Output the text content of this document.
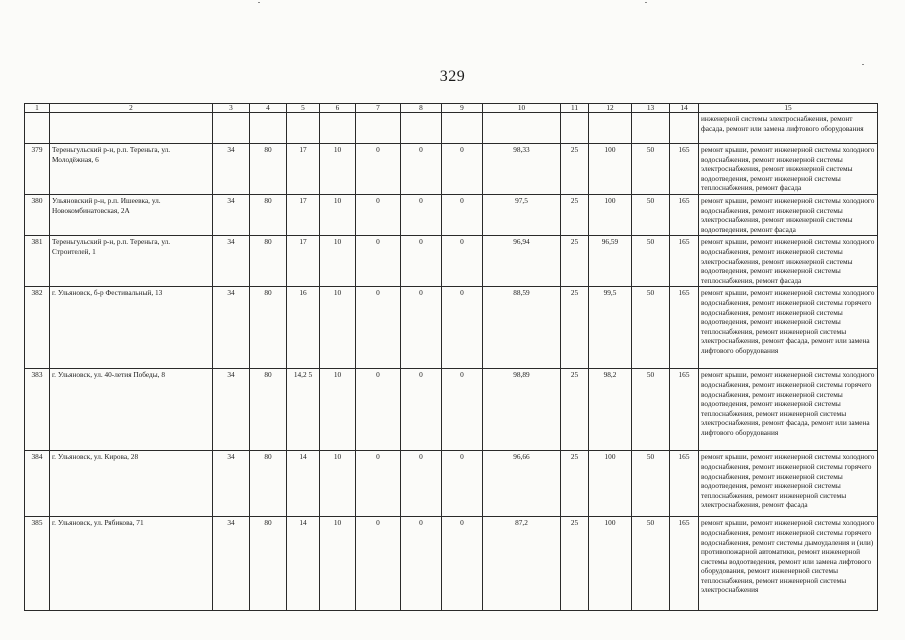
329
1	2	3	4	5	6	7	8	9	10	11	12	13	14	15
														инженерной системы электроснабжения, ремонт фасада, ремонт или замена лифтового оборудования
379	Тереньгульский р-н, р.п. Тереньга, ул. Молодёжная, 6	34	80	17	10	0	0	0	98,33	25	100	50	165	ремонт крыши, ремонт инженерной системы холодного водоснабжения, ремонт инженерной системы электроснабжения, ремонт инженерной системы водоотведения, ремонт инженерной системы теплоснабжения, ремонт фасада
380	Ульяновский р-н, р.п. Ишеевка, ул. Новокомбинатовская, 2А	34	80	17	10	0	0	0	97,5	25	100	50	165	ремонт крыши, ремонт инженерной системы холодного водоснабжения, ремонт инженерной системы электроснабжения, ремонт инженерной системы водоотведения, ремонт фасада
381	Тереньгульский р-н, р.п. Тереньга, ул. Строителей, 1	34	80	17	10	0	0	0	96,94	25	96,59	50	165	ремонт крыши, ремонт инженерной системы холодного водоснабжения, ремонт инженерной системы электроснабжения, ремонт инженерной системы водоотведения, ремонт инженерной системы теплоснабжения, ремонт фасада
382	г. Ульяновск, б-р Фестивальный, 13	34	80	16	10	0	0	0	88,59	25	99,5	50	165	ремонт крыши, ремонт инженерной системы холодного водоснабжения, ремонт инженерной системы горячего водоснабжения, ремонт инженерной системы водоотведения, ремонт инженерной системы теплоснабжения, ремонт инженерной системы электроснабжения, ремонт фасада, ремонт или замена лифтового оборудования
383	г. Ульяновск, ул. 40-летия Победы, 8	34	80	14,2 5	10	0	0	0	98,89	25	98,2	50	165	ремонт крыши, ремонт инженерной системы холодного водоснабжения, ремонт инженерной системы горячего водоснабжения, ремонт инженерной системы водоотведения, ремонт инженерной системы теплоснабжения, ремонт инженерной системы электроснабжения, ремонт фасада, ремонт или замена лифтового оборудования
384	г. Ульяновск, ул. Кирова, 28	34	80	14	10	0	0	0	96,66	25	100	50	165	ремонт крыши, ремонт инженерной системы холодного водоснабжения, ремонт инженерной системы горячего водоснабжения, ремонт инженерной системы водоотведения, ремонт инженерной системы теплоснабжения, ремонт инженерной системы электроснабжения, ремонт фасада
385	г. Ульяновск, ул. Рябикова, 71	34	80	14	10	0	0	0	87,2	25	100	50	165	ремонт крыши, ремонт инженерной системы холодного водоснабжения, ремонт инженерной системы горячего водоснабжения, ремонт системы дымоудаления и (или) противопожарной автоматики, ремонт инженерной системы водоотведения, ремонт или замена лифтового оборудования, ремонт инженерной системы теплоснабжения, ремонт инженерной системы электроснабжения
